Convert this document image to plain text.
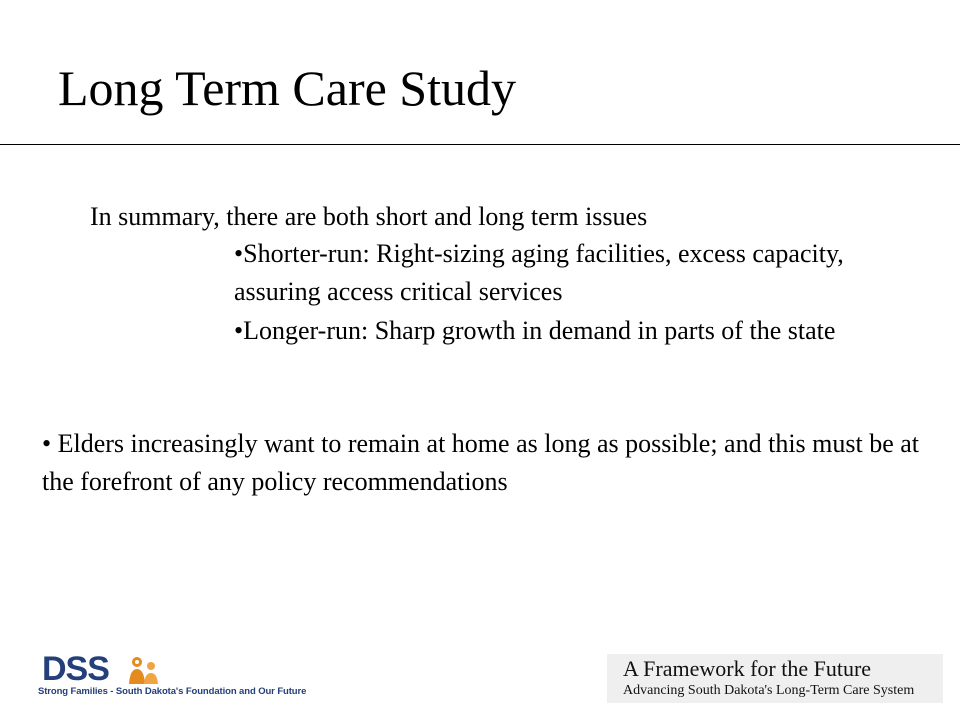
Long Term Care Study
In summary, there are both short and long term issues
•Shorter-run: Right-sizing aging facilities, excess capacity, assuring access critical services
•Longer-run: Sharp growth in demand in parts of the state
• Elders increasingly want to remain at home as long as possible; and this must be at the forefront of any policy recommendations
DSS
Strong Families - South Dakota's Foundation and Our Future
A Framework for the Future
Advancing South Dakota's Long-Term Care System
